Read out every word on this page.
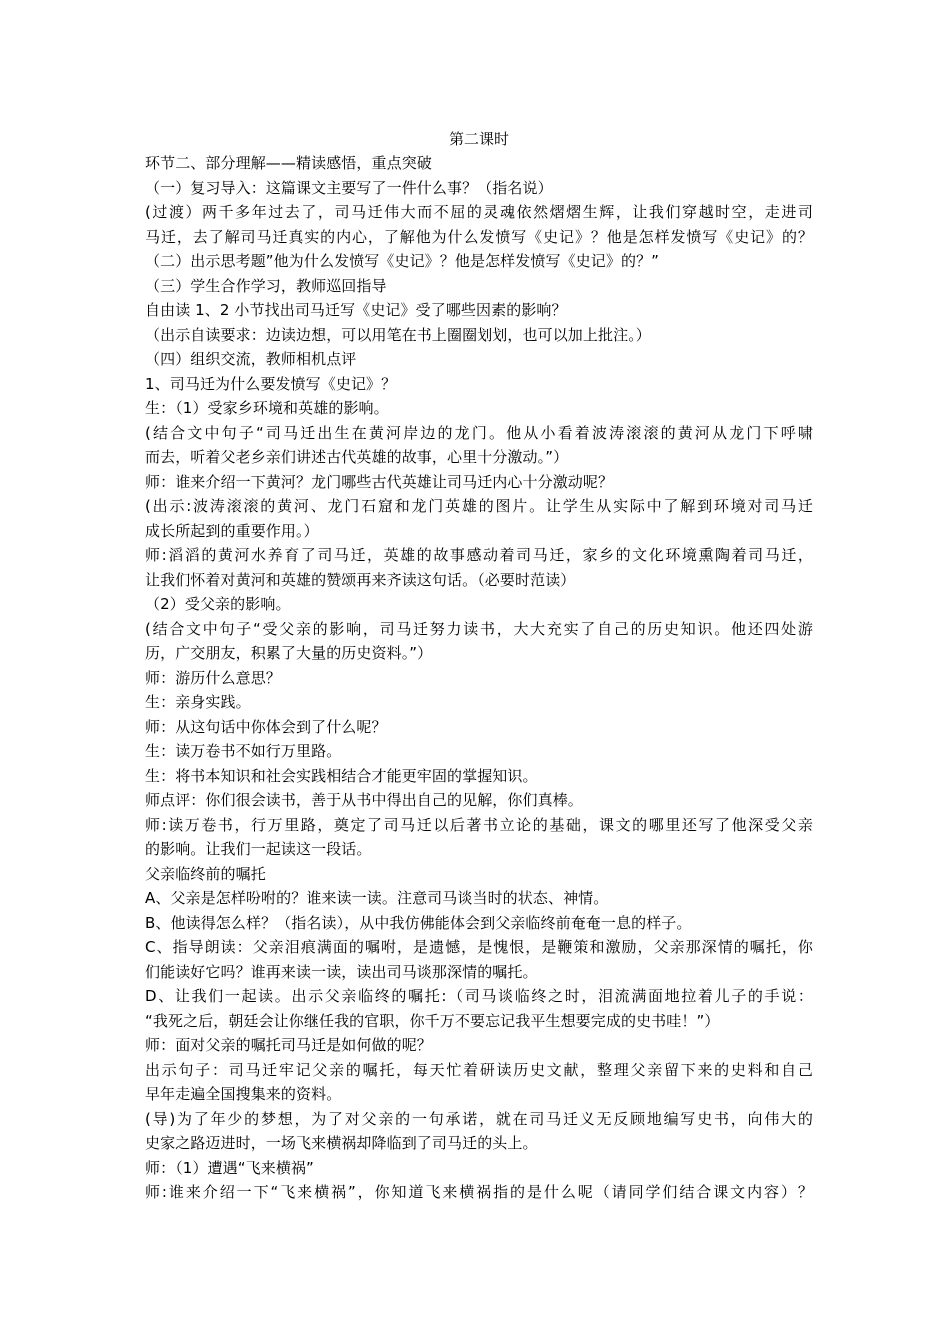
第二课时

环节二、部分理解——精读感悟，重点突破

（一）复习导入：这篇课文主要写了一件什么事？（指名说）

(过渡）两千多年过去了，司马迁伟大而不屈的灵魂依然熠熠生辉，让我们穿越时空，走进司

马迁，去了解司马迁真实的内心，了解他为什么发愤写《史记》？他是怎样发愤写《史记》的？

（二）出示思考题”他为什么发愤写《史记》？他是怎样发愤写《史记》的？”

（三）学生合作学习，教师巡回指导

自由读 1、2 小节找出司马迁写《史记》受了哪些因素的影响？

（出示自读要求：边读边想，可以用笔在书上圈圈划划，也可以加上批注。）

（四）组织交流，教师相机点评

1、司马迁为什么要发愤写《史记》？

生：（1）受家乡环境和英雄的影响。

(结合文中句子“司马迁出生在黄河岸边的龙门。他从小看着波涛滚滚的黄河从龙门下呼啸

而去，听着父老乡亲们讲述古代英雄的故事，心里十分激动。”）

师：谁来介绍一下黄河？龙门哪些古代英雄让司马迁内心十分激动呢？

(出示:波涛滚滚的黄河、龙门石窟和龙门英雄的图片。让学生从实际中了解到环境对司马迁

成长所起到的重要作用。）

师:滔滔的黄河水养育了司马迁，英雄的故事感动着司马迁，家乡的文化环境熏陶着司马迁，

让我们怀着对黄河和英雄的赞颂再来齐读这句话。（必要时范读）

（2）受父亲的影响。

(结合文中句子“受父亲的影响，司马迁努力读书，大大充实了自己的历史知识。他还四处游

历，广交朋友，积累了大量的历史资料。”）

师：游历什么意思？

生：亲身实践。

师：从这句话中你体会到了什么呢？

生：读万卷书不如行万里路。

生：将书本知识和社会实践相结合才能更牢固的掌握知识。

师点评：你们很会读书，善于从书中得出自己的见解，你们真棒。

师:读万卷书，行万里路，奠定了司马迁以后著书立论的基础，课文的哪里还写了他深受父亲

的影响。让我们一起读这一段话。

父亲临终前的嘱托

A、父亲是怎样吩咐的？谁来读一读。注意司马谈当时的状态、神情。

B、他读得怎么样？（指名读），从中我仿佛能体会到父亲临终前奄奄一息的样子。

C、指导朗读：父亲泪痕满面的嘱咐，是遗憾，是愧恨，是鞭策和激励，父亲那深情的嘱托，你

们能读好它吗？谁再来读一读，读出司马谈那深情的嘱托。

D、让我们一起读。出示父亲临终的嘱托:（司马谈临终之时，泪流满面地拉着儿子的手说：

“我死之后，朝廷会让你继任我的官职，你千万不要忘记我平生想要完成的史书哇！”）

师：面对父亲的嘱托司马迁是如何做的呢？

出示句子：司马迁牢记父亲的嘱托，每天忙着研读历史文献，整理父亲留下来的史料和自己

早年走遍全国搜集来的资料。

(导)为了年少的梦想，为了对父亲的一句承诺，就在司马迁义无反顾地编写史书，向伟大的

史家之路迈进时，一场飞来横祸却降临到了司马迁的头上。

师：（1）遭遇“飞来横祸”

师:谁来介绍一下“飞来横祸”，你知道飞来横祸指的是什么呢（请同学们结合课文内容）？
